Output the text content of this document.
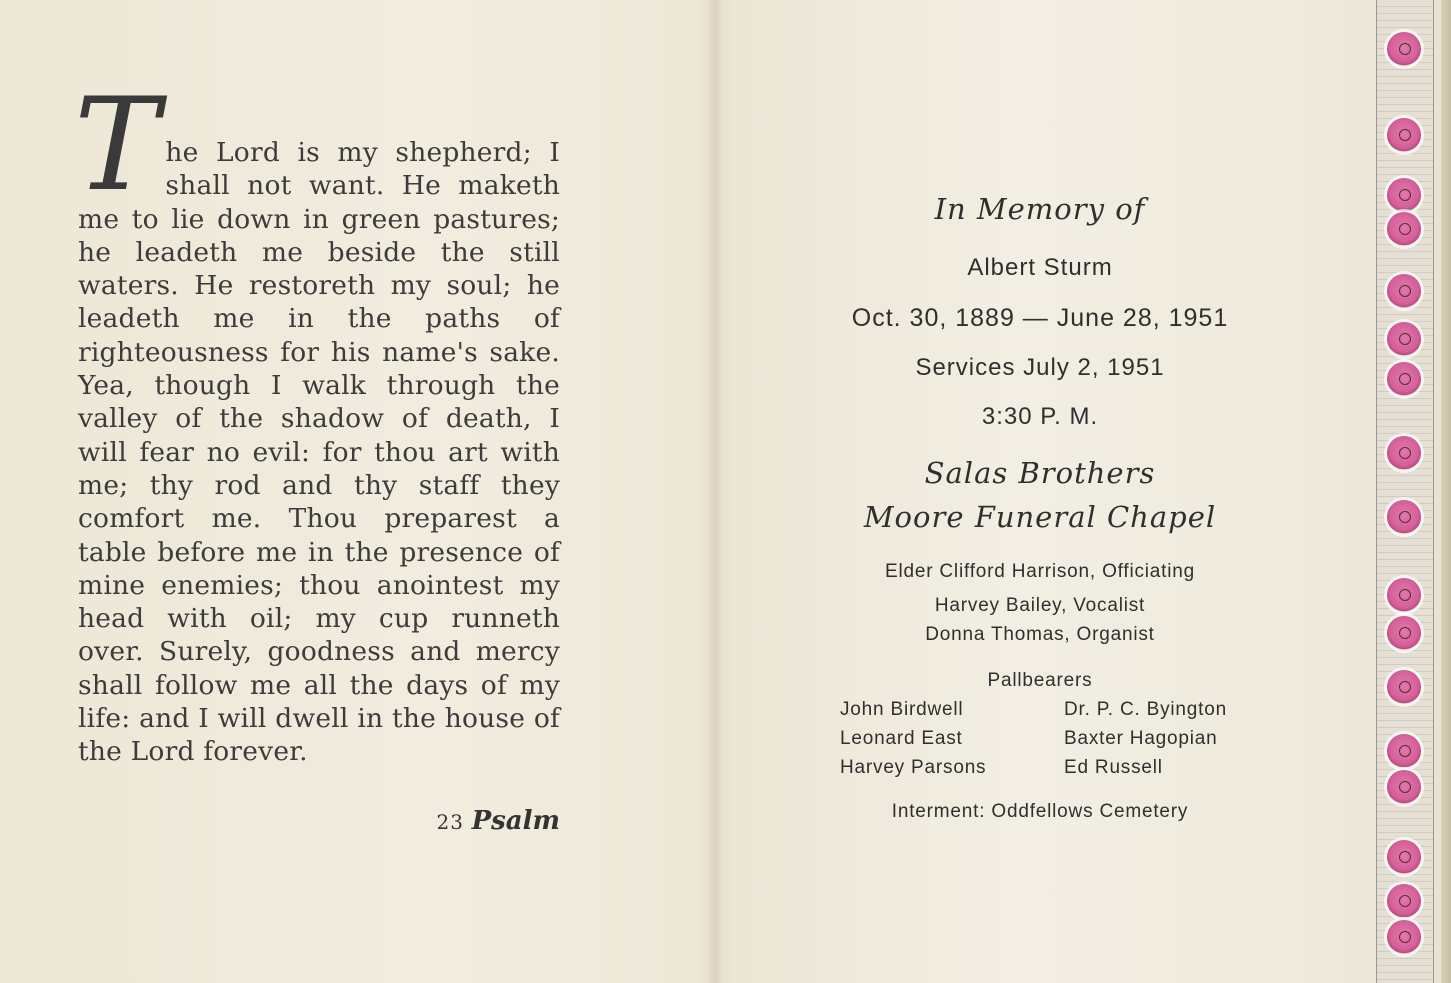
T he Lord is my shepherd; I shall not want. He maketh me to lie down in green pastures; he leadeth me beside the still waters. He restoreth my soul; he leadeth me in the paths of righteousness for his name's sake. Yea, though I walk through the valley of the shadow of death, I will fear no evil: for thou art with me; thy rod and thy staff they comfort me. Thou preparest a table before me in the presence of mine enemies; thou anointest my head with oil; my cup runneth over. Surely, goodness and mercy shall follow me all the days of my life: and I will dwell in the house of the Lord forever.

23 Psalm
In Memory of
Albert Sturm
Oct. 30, 1889 — June 28, 1951
Services July 2, 1951
3:30 P. M.
Salas Brothers
Moore Funeral Chapel
Elder Clifford Harrison, Officiating
Harvey Bailey, Vocalist
Donna Thomas, Organist
Pallbearers
John Birdwell
Leonard East
Harvey Parsons
Dr. P. C. Byington
Baxter Hagopian
Ed Russell
Interment: Oddfellows Cemetery
